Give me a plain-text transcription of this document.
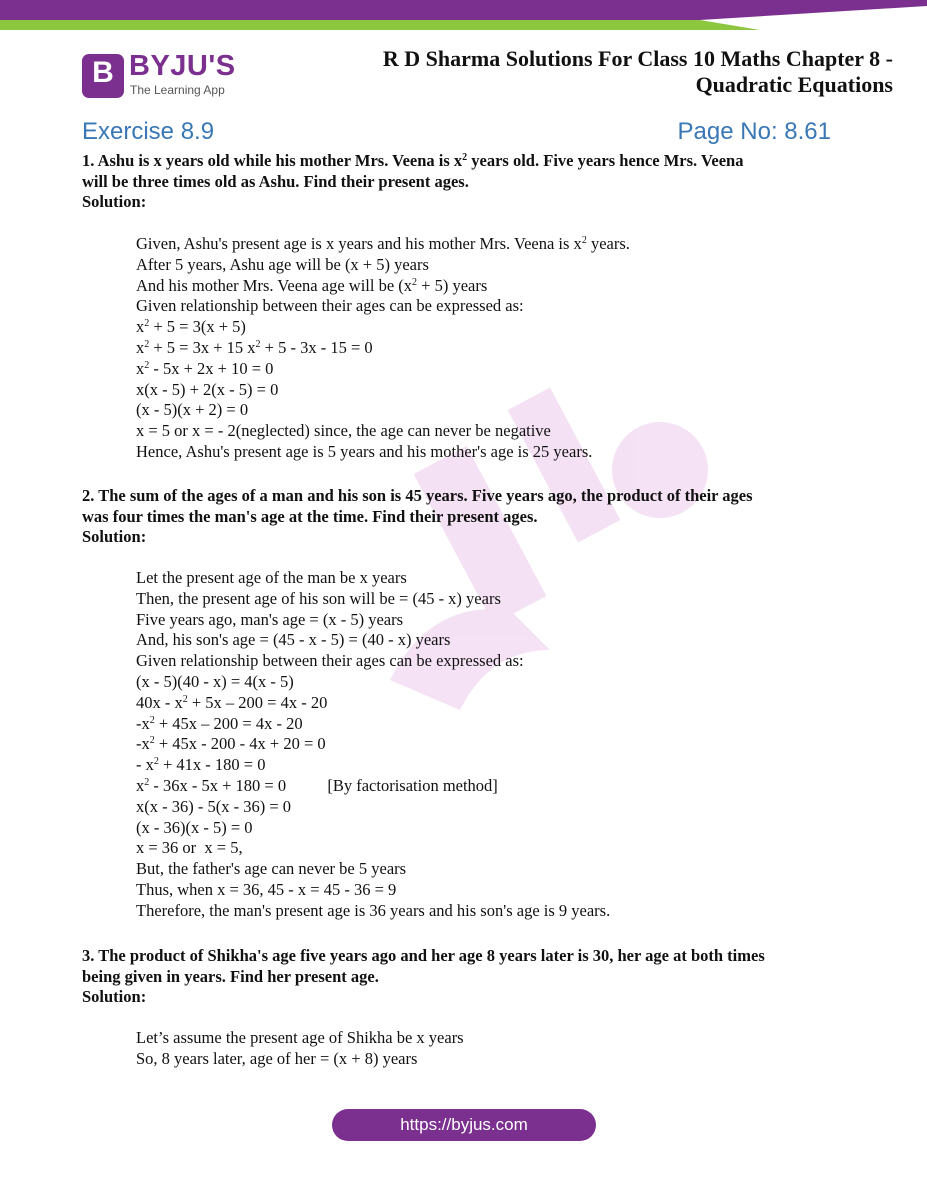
B BYJU'S
The Learning App
R D Sharma Solutions For Class 10 Maths Chapter 8 -
Quadratic Equations
Exercise 8.9	Page No: 8.61
1. Ashu is x years old while his mother Mrs. Veena is $x^2$ years old. Five years hence Mrs. Veena
will be three times old as Ashu. Find their present ages.
Solution:
Given, Ashu's present age is x years and his mother Mrs. Veena is $x^2$ years.
After 5 years, Ashu age will be (x + 5) years
And his mother Mrs. Veena age will be $(x^2 + 5)$ years
Given relationship between their ages can be expressed as:
$x^2 + 5 = 3(x + 5)$
$x^2 + 5 = 3x + 15$ $x^2 + 5 - 3x - 15 = 0$
$x^2 - 5x + 2x + 10 = 0$
x(x - 5) + 2(x - 5) = 0
(x - 5)(x + 2) = 0
x = 5 or x = - 2(neglected) since, the age can never be negative
Hence, Ashu's present age is 5 years and his mother's age is 25 years.
2. The sum of the ages of a man and his son is 45 years. Five years ago, the product of their ages
was four times the man's age at the time. Find their present ages.
Solution:
Let the present age of the man be x years
Then, the present age of his son will be = (45 - x) years
Five years ago, man's age = (x - 5) years
And, his son's age = (45 - x - 5) = (40 - x) years
Given relationship between their ages can be expressed as:
(x - 5)(40 - x) = 4(x - 5)
$40x - x^2 + 5x - 200 = 4x - 20$
$-x^2 + 45x - 200 = 4x - 20$
$-x^2 + 45x - 200 - 4x + 20 = 0$
- $x^2 + 41x - 180 = 0$
$x^2 - 36x - 5x + 180 = 0$          [By factorisation method]
x(x - 36) - 5(x - 36) = 0
(x - 36)(x - 5) = 0
x = 36 or  x = 5,
But, the father's age can never be 5 years
Thus, when x = 36, 45 - x = 45 - 36 = 9
Therefore, the man's present age is 36 years and his son's age is 9 years.
3. The product of Shikha's age five years ago and her age 8 years later is 30, her age at both times
being given in years. Find her present age.
Solution:
Let’s assume the present age of Shikha be x years
So, 8 years later, age of her = (x + 8) years
https://byjus.com
